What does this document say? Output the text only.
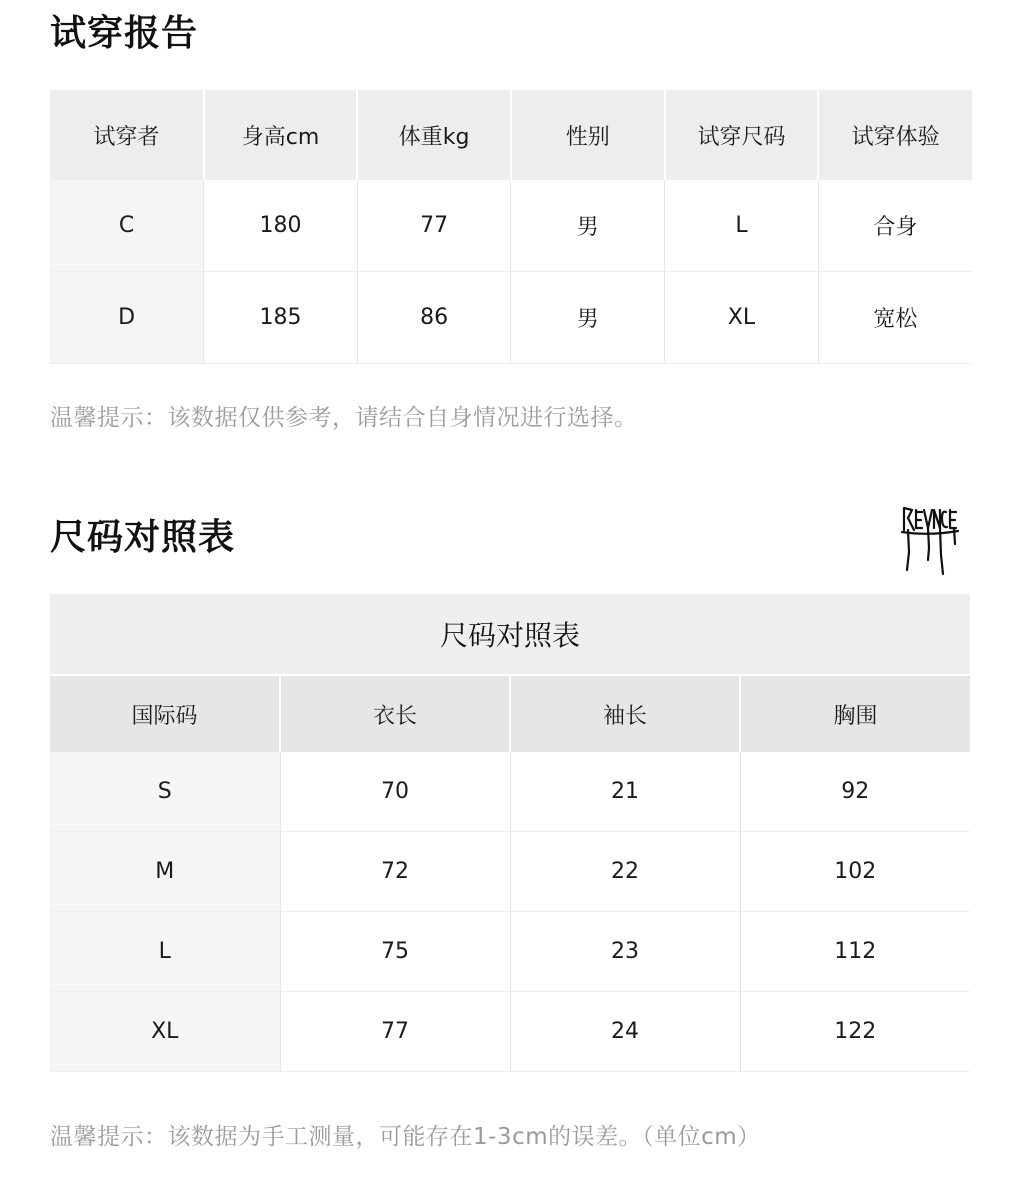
试穿报告
试穿者	身高cm	体重kg	性别	试穿尺码	试穿体验
C	180	77	男	L	合身
D	185	86	男	XL	宽松

温馨提示：该数据仅供参考，请结合自身情况进行选择。

尺码对照表
尺码对照表			
国际码	衣长	袖长	胸围
S	70	21	92
M	72	22	102
L	75	23	112
XL	77	24	122

温馨提示：该数据为手工测量，可能存在1-3cm的误差。（单位cm）
